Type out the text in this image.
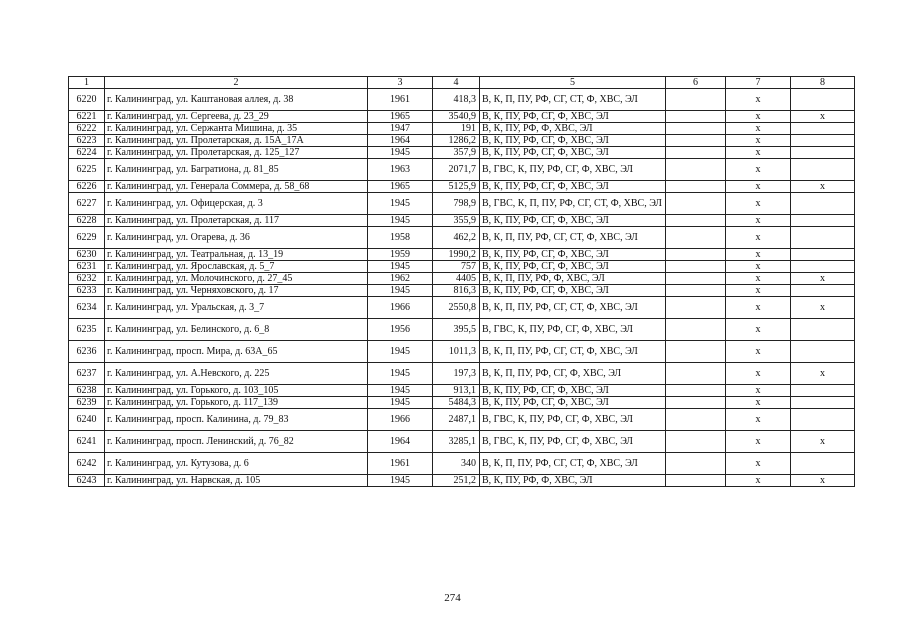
1	2	3	4	5	6	7	8
6220	г. Калининград, ул. Каштановая аллея, д. 38	1961	418,3	В, К, П, ПУ, РФ, СГ, СТ, Ф, ХВС, ЭЛ		х	
6221	г. Калининград, ул. Сергеева, д. 23_29	1965	3540,9	В, К, ПУ, РФ, СГ, Ф, ХВС, ЭЛ		х	х
6222	г. Калининград, ул. Сержанта Мишина, д. 35	1947	191	В, К, ПУ, РФ, Ф, ХВС, ЭЛ		х	
6223	г. Калининград, ул. Пролетарская, д. 15А_17А	1964	1286,2	В, К, ПУ, РФ, СГ, Ф, ХВС, ЭЛ		х	
6224	г. Калининград, ул. Пролетарская, д. 125_127	1945	357,9	В, К, ПУ, РФ, СГ, Ф, ХВС, ЭЛ		х	
6225	г. Калининград, ул. Багратиона, д. 81_85	1963	2071,7	В, ГВС, К, ПУ, РФ, СГ, Ф, ХВС, ЭЛ		х	
6226	г. Калининград, ул. Генерала Соммера, д. 58_68	1965	5125,9	В, К, ПУ, РФ, СГ, Ф, ХВС, ЭЛ		х	х
6227	г. Калининград, ул. Офицерская, д. 3	1945	798,9	В, ГВС, К, П, ПУ, РФ, СГ, СТ, Ф, ХВС, ЭЛ		х	
6228	г. Калининград, ул. Пролетарская, д. 117	1945	355,9	В, К, ПУ, РФ, СГ, Ф, ХВС, ЭЛ		х	
6229	г. Калининград, ул. Огарева, д. 36	1958	462,2	В, К, П, ПУ, РФ, СГ, СТ, Ф, ХВС, ЭЛ		х	
6230	г. Калининград, ул. Театральная, д. 13_19	1959	1990,2	В, К, ПУ, РФ, СГ, Ф, ХВС, ЭЛ		х	
6231	г. Калининград, ул. Ярославская, д. 5_7	1945	757	В, К, ПУ, РФ, СГ, Ф, ХВС, ЭЛ		х	
6232	г. Калининград, ул. Молочинского, д. 27_45	1962	4405	В, К, П, ПУ, РФ, Ф, ХВС, ЭЛ		х	х
6233	г. Калининград, ул. Черняховского, д. 17	1945	816,3	В, К, ПУ, РФ, СГ, Ф, ХВС, ЭЛ		х	
6234	г. Калининград, ул. Уральская, д. 3_7	1966	2550,8	В, К, П, ПУ, РФ, СГ, СТ, Ф, ХВС, ЭЛ		х	х
6235	г. Калининград, ул. Белинского, д. 6_8	1956	395,5	В, ГВС, К, ПУ, РФ, СГ, Ф, ХВС, ЭЛ		х	
6236	г. Калининград, просп. Мира, д. 63А_65	1945	1011,3	В, К, П, ПУ, РФ, СГ, СТ, Ф, ХВС, ЭЛ		х	
6237	г. Калининград, ул. А.Невского, д. 225	1945	197,3	В, К, П, ПУ, РФ, СГ, Ф, ХВС, ЭЛ		х	х
6238	г. Калининград, ул. Горького, д. 103_105	1945	913,1	В, К, ПУ, РФ, СГ, Ф, ХВС, ЭЛ		х	
6239	г. Калининград, ул. Горького, д. 117_139	1945	5484,3	В, К, ПУ, РФ, СГ, Ф, ХВС, ЭЛ		х	
6240	г. Калининград, просп. Калинина, д. 79_83	1966	2487,1	В, ГВС, К, ПУ, РФ, СГ, Ф, ХВС, ЭЛ		х	
6241	г. Калининград, просп. Ленинский, д. 76_82	1964	3285,1	В, ГВС, К, ПУ, РФ, СГ, Ф, ХВС, ЭЛ		х	х
6242	г. Калининград, ул. Кутузова, д. 6	1961	340	В, К, П, ПУ, РФ, СГ, СТ, Ф, ХВС, ЭЛ		х	
6243	г. Калининград, ул. Нарвская, д. 105	1945	251,2	В, К, ПУ, РФ, Ф, ХВС, ЭЛ		х	х
274
